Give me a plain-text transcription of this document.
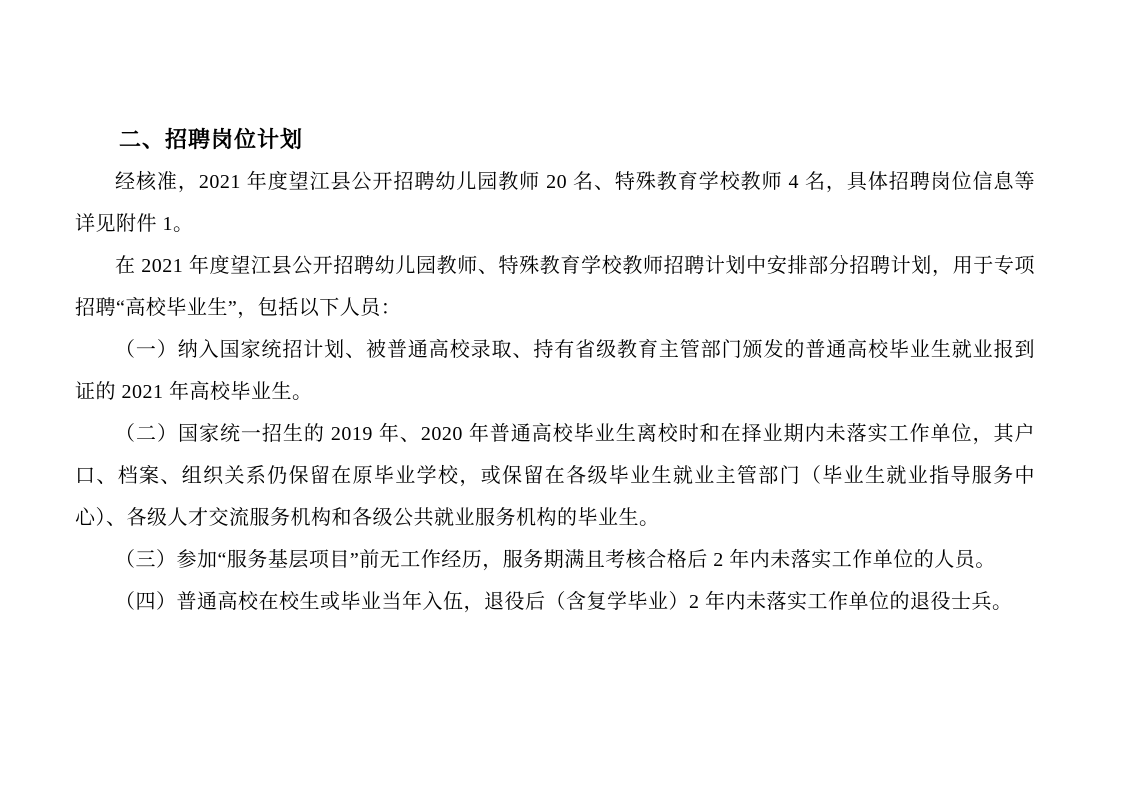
二、招聘岗位计划

经核准，2021 年度望江县公开招聘幼儿园教师 20 名、特殊教育学校教师 4 名，具体招聘岗位信息等详见附件 1。

在 2021 年度望江县公开招聘幼儿园教师、特殊教育学校教师招聘计划中安排部分招聘计划，用于专项招聘“高校毕业生”，包括以下人员：

（一）纳入国家统招计划、被普通高校录取、持有省级教育主管部门颁发的普通高校毕业生就业报到证的 2021 年高校毕业生。

（二）国家统一招生的 2019 年、2020 年普通高校毕业生离校时和在择业期内未落实工作单位，其户口、档案、组织关系仍保留在原毕业学校，或保留在各级毕业生就业主管部门（毕业生就业指导服务中心）、各级人才交流服务机构和各级公共就业服务机构的毕业生。

（三）参加“服务基层项目”前无工作经历，服务期满且考核合格后 2 年内未落实工作单位的人员。

（四）普通高校在校生或毕业当年入伍，退役后（含复学毕业）2 年内未落实工作单位的退役士兵。
